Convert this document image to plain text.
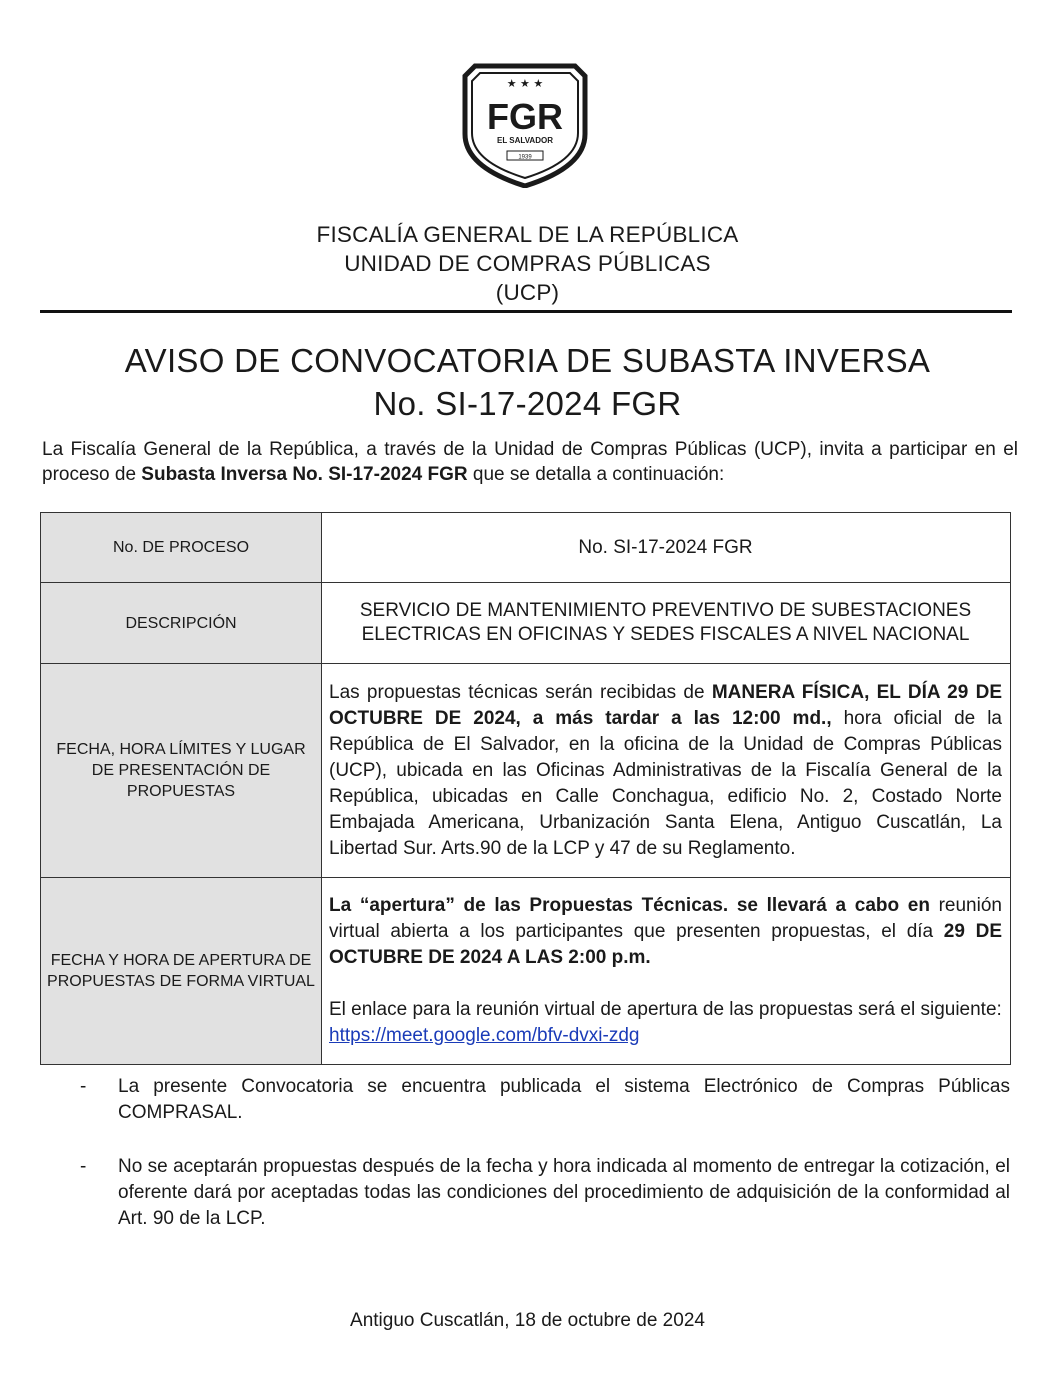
★ ★ ★
FGR
EL SALVADOR
1939
FISCALÍA GENERAL DE LA REPÚBLICA
UNIDAD DE COMPRAS PÚBLICAS
(UCP)
AVISO DE CONVOCATORIA DE SUBASTA INVERSA
No. SI-17-2024 FGR
La Fiscalía General de la República, a través de la Unidad de Compras Públicas (UCP), invita a participar en el proceso de Subasta Inversa No. SI-17-2024 FGR que se detalla a continuación:
No. DE PROCESO	No. SI-17-2024 FGR
DESCRIPCIÓN	SERVICIO DE MANTENIMIENTO PREVENTIVO DE SUBESTACIONES ELECTRICAS EN OFICINAS Y SEDES FISCALES A NIVEL NACIONAL
FECHA, HORA LÍMITES Y LUGAR DE PRESENTACIÓN DE PROPUESTAS	Las propuestas técnicas serán recibidas de MANERA FÍSICA, EL DÍA 29 DE OCTUBRE DE 2024, a más tardar a las 12:00 md., hora oficial de la República de El Salvador, en la oficina de la Unidad de Compras Públicas (UCP), ubicada en las Oficinas Administrativas de la Fiscalía General de la República, ubicadas en Calle Conchagua, edificio No. 2, Costado Norte Embajada Americana, Urbanización Santa Elena, Antiguo Cuscatlán, La Libertad Sur. Arts.90 de la LCP y 47 de su Reglamento.
FECHA Y HORA DE APERTURA DE PROPUESTAS DE FORMA VIRTUAL	La “apertura” de las Propuestas Técnicas. se llevará a cabo en reunión virtual abierta a los participantes que presenten propuestas, el día 29 DE OCTUBRE DE 2024 A LAS 2:00 p.m.
El enlace para la reunión virtual de apertura de las propuestas será el siguiente:
https://meet.google.com/bfv-dvxi-zdg
-	La presente Convocatoria se encuentra publicada el sistema Electrónico de Compras Públicas COMPRASAL.
-	No se aceptarán propuestas después de la fecha y hora indicada al momento de entregar la cotización, el oferente dará por aceptadas todas las condiciones del procedimiento de adquisición de la conformidad al Art. 90 de la LCP.
Antiguo Cuscatlán, 18 de octubre de 2024
